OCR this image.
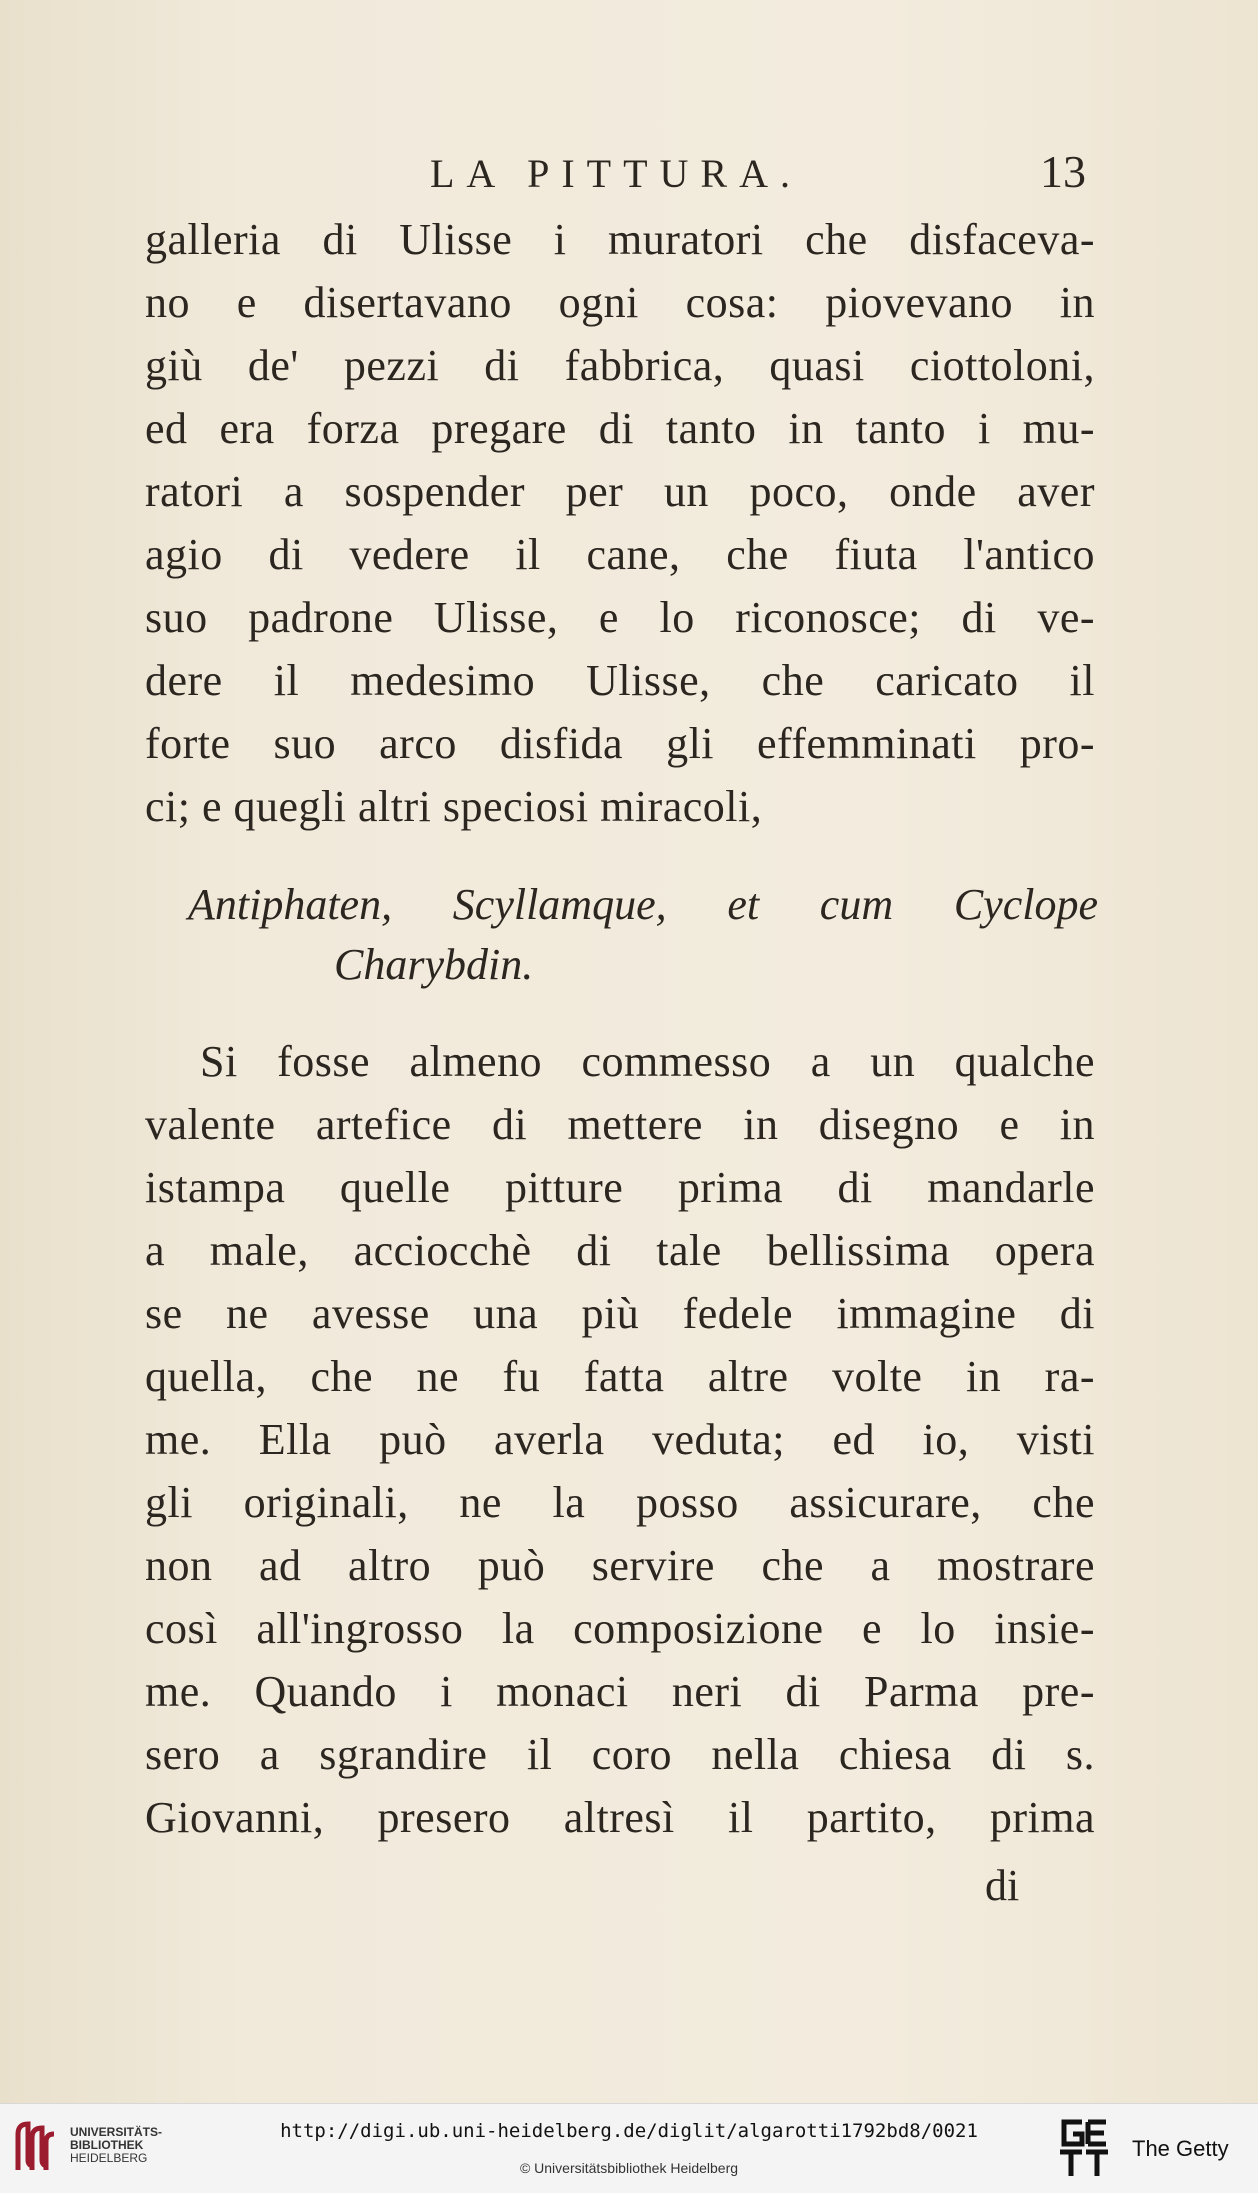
LA PITTURA.	13
galleria di Ulisse i muratori che disfaceva-
no e disertavano ogni cosa: piovevano in
giù de' pezzi di fabbrica, quasi ciottoloni,
ed era forza pregare di tanto in tanto i mu-
ratori a sospender per un poco, onde aver
agio di vedere il cane, che fiuta l'antico
suo padrone Ulisse, e lo riconosce; di ve-
dere il medesimo Ulisse, che caricato il
forte suo arco disfida gli effemminati pro-
ci; e quegli altri speciosi miracoli,
Antiphaten, Scyllamque, et cum Cyclope
Charybdin.
Si fosse almeno commesso a un qualche
valente artefice di mettere in disegno e in
istampa quelle pitture prima di mandarle
a male, acciocchè di tale bellissima opera
se ne avesse una più fedele immagine di
quella, che ne fu fatta altre volte in ra-
me. Ella può averla veduta; ed io, visti
gli originali, ne la posso assicurare, che
non ad altro può servire che a mostrare
così all'ingrosso la composizione e lo insie-
me. Quando i monaci neri di Parma pre-
sero a sgrandire il coro nella chiesa di s.
Giovanni, presero altresì il partito, prima
di
UNIVERSITÄTS-
BIBLIOTHEK
HEIDELBERG
http://digi.ub.uni-heidelberg.de/diglit/algarotti1792bd8/0021
© Universitätsbibliothek Heidelberg
The Getty
